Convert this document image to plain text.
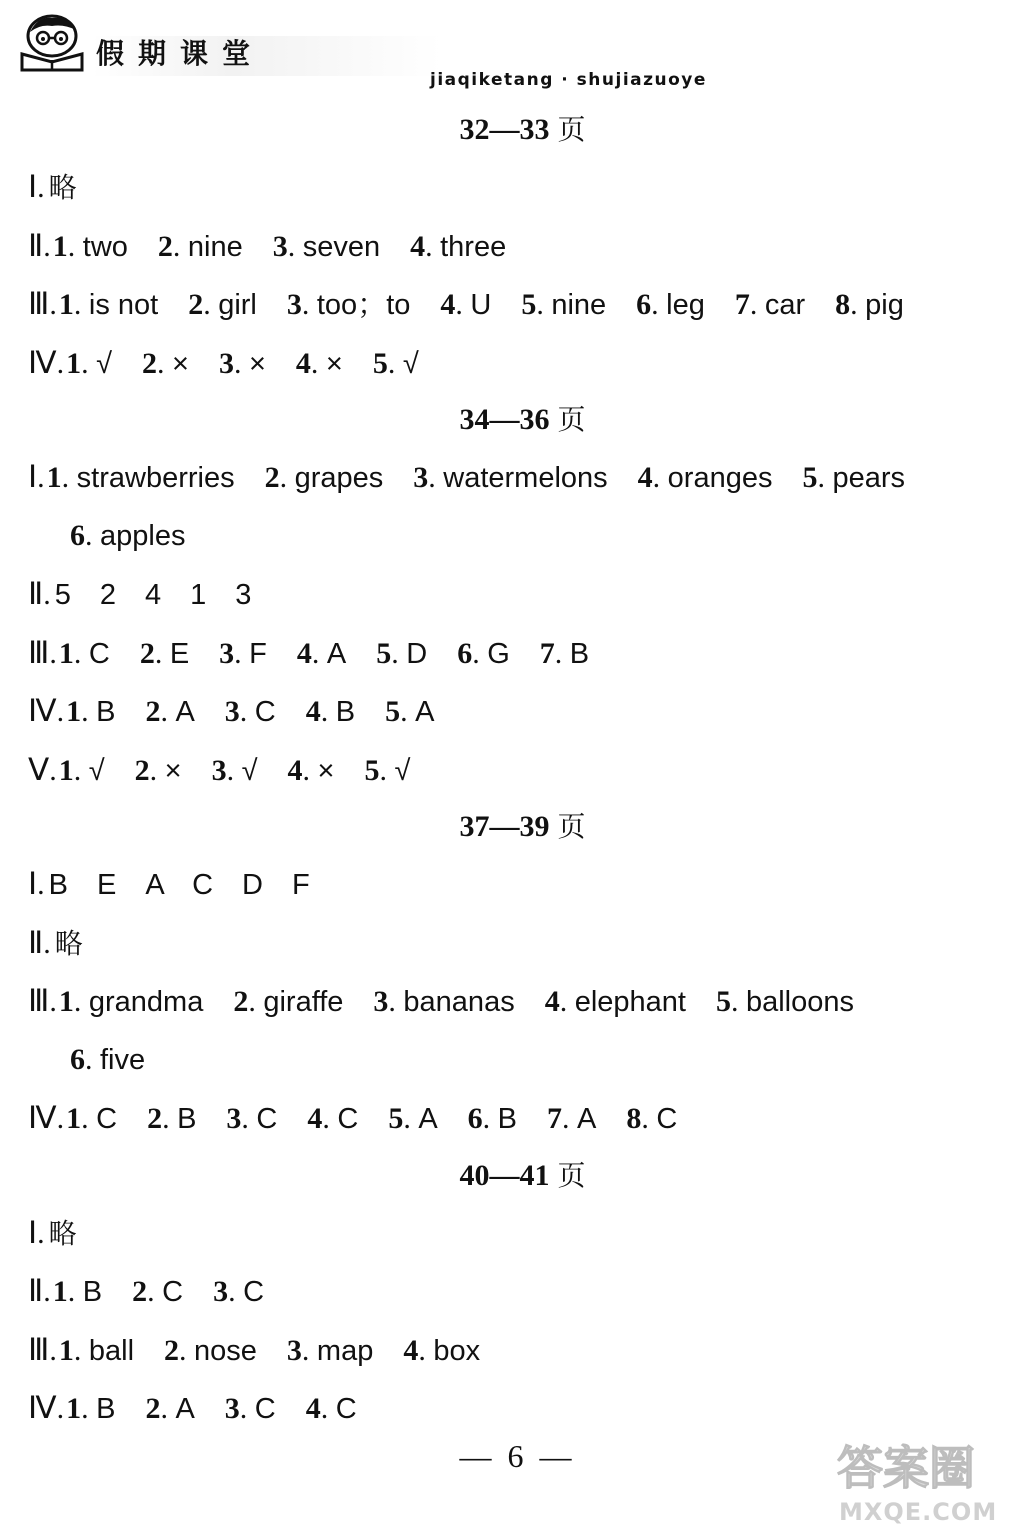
假期课堂
jiaqiketang · shujiazuoye
32—33 页
Ⅰ. 略
Ⅱ.1. two 2. nine 3. seven 4. three
Ⅲ.1. is not 2. girl 3. too；to 4. U 5. nine 6. leg 7. car 8. pig
Ⅳ.1. √ 2. × 3. × 4. × 5. √
34—36 页
Ⅰ.1. strawberries 2. grapes 3. watermelons 4. oranges 5. pears
6. apples
Ⅱ. 5　2　4　1　3
Ⅲ.1. C 2. E 3. F 4. A 5. D 6. G 7. B
Ⅳ.1. B 2. A 3. C 4. B 5. A
Ⅴ.1. √ 2. × 3. √ 4. × 5. √
37—39 页
Ⅰ. B　E　A　C　D　F
Ⅱ. 略
Ⅲ.1. grandma 2. giraffe 3. bananas 4. elephant 5. balloons
6. five
Ⅳ.1. C 2. B 3. C 4. C 5. A 6. B 7. A 8. C
40—41 页
Ⅰ. 略
Ⅱ.1. B 2. C 3. C
Ⅲ.1. ball 2. nose 3. map 4. box
Ⅳ.1. B 2. A 3. C 4. C
— 6 —	答案圈
MXQE.COM
